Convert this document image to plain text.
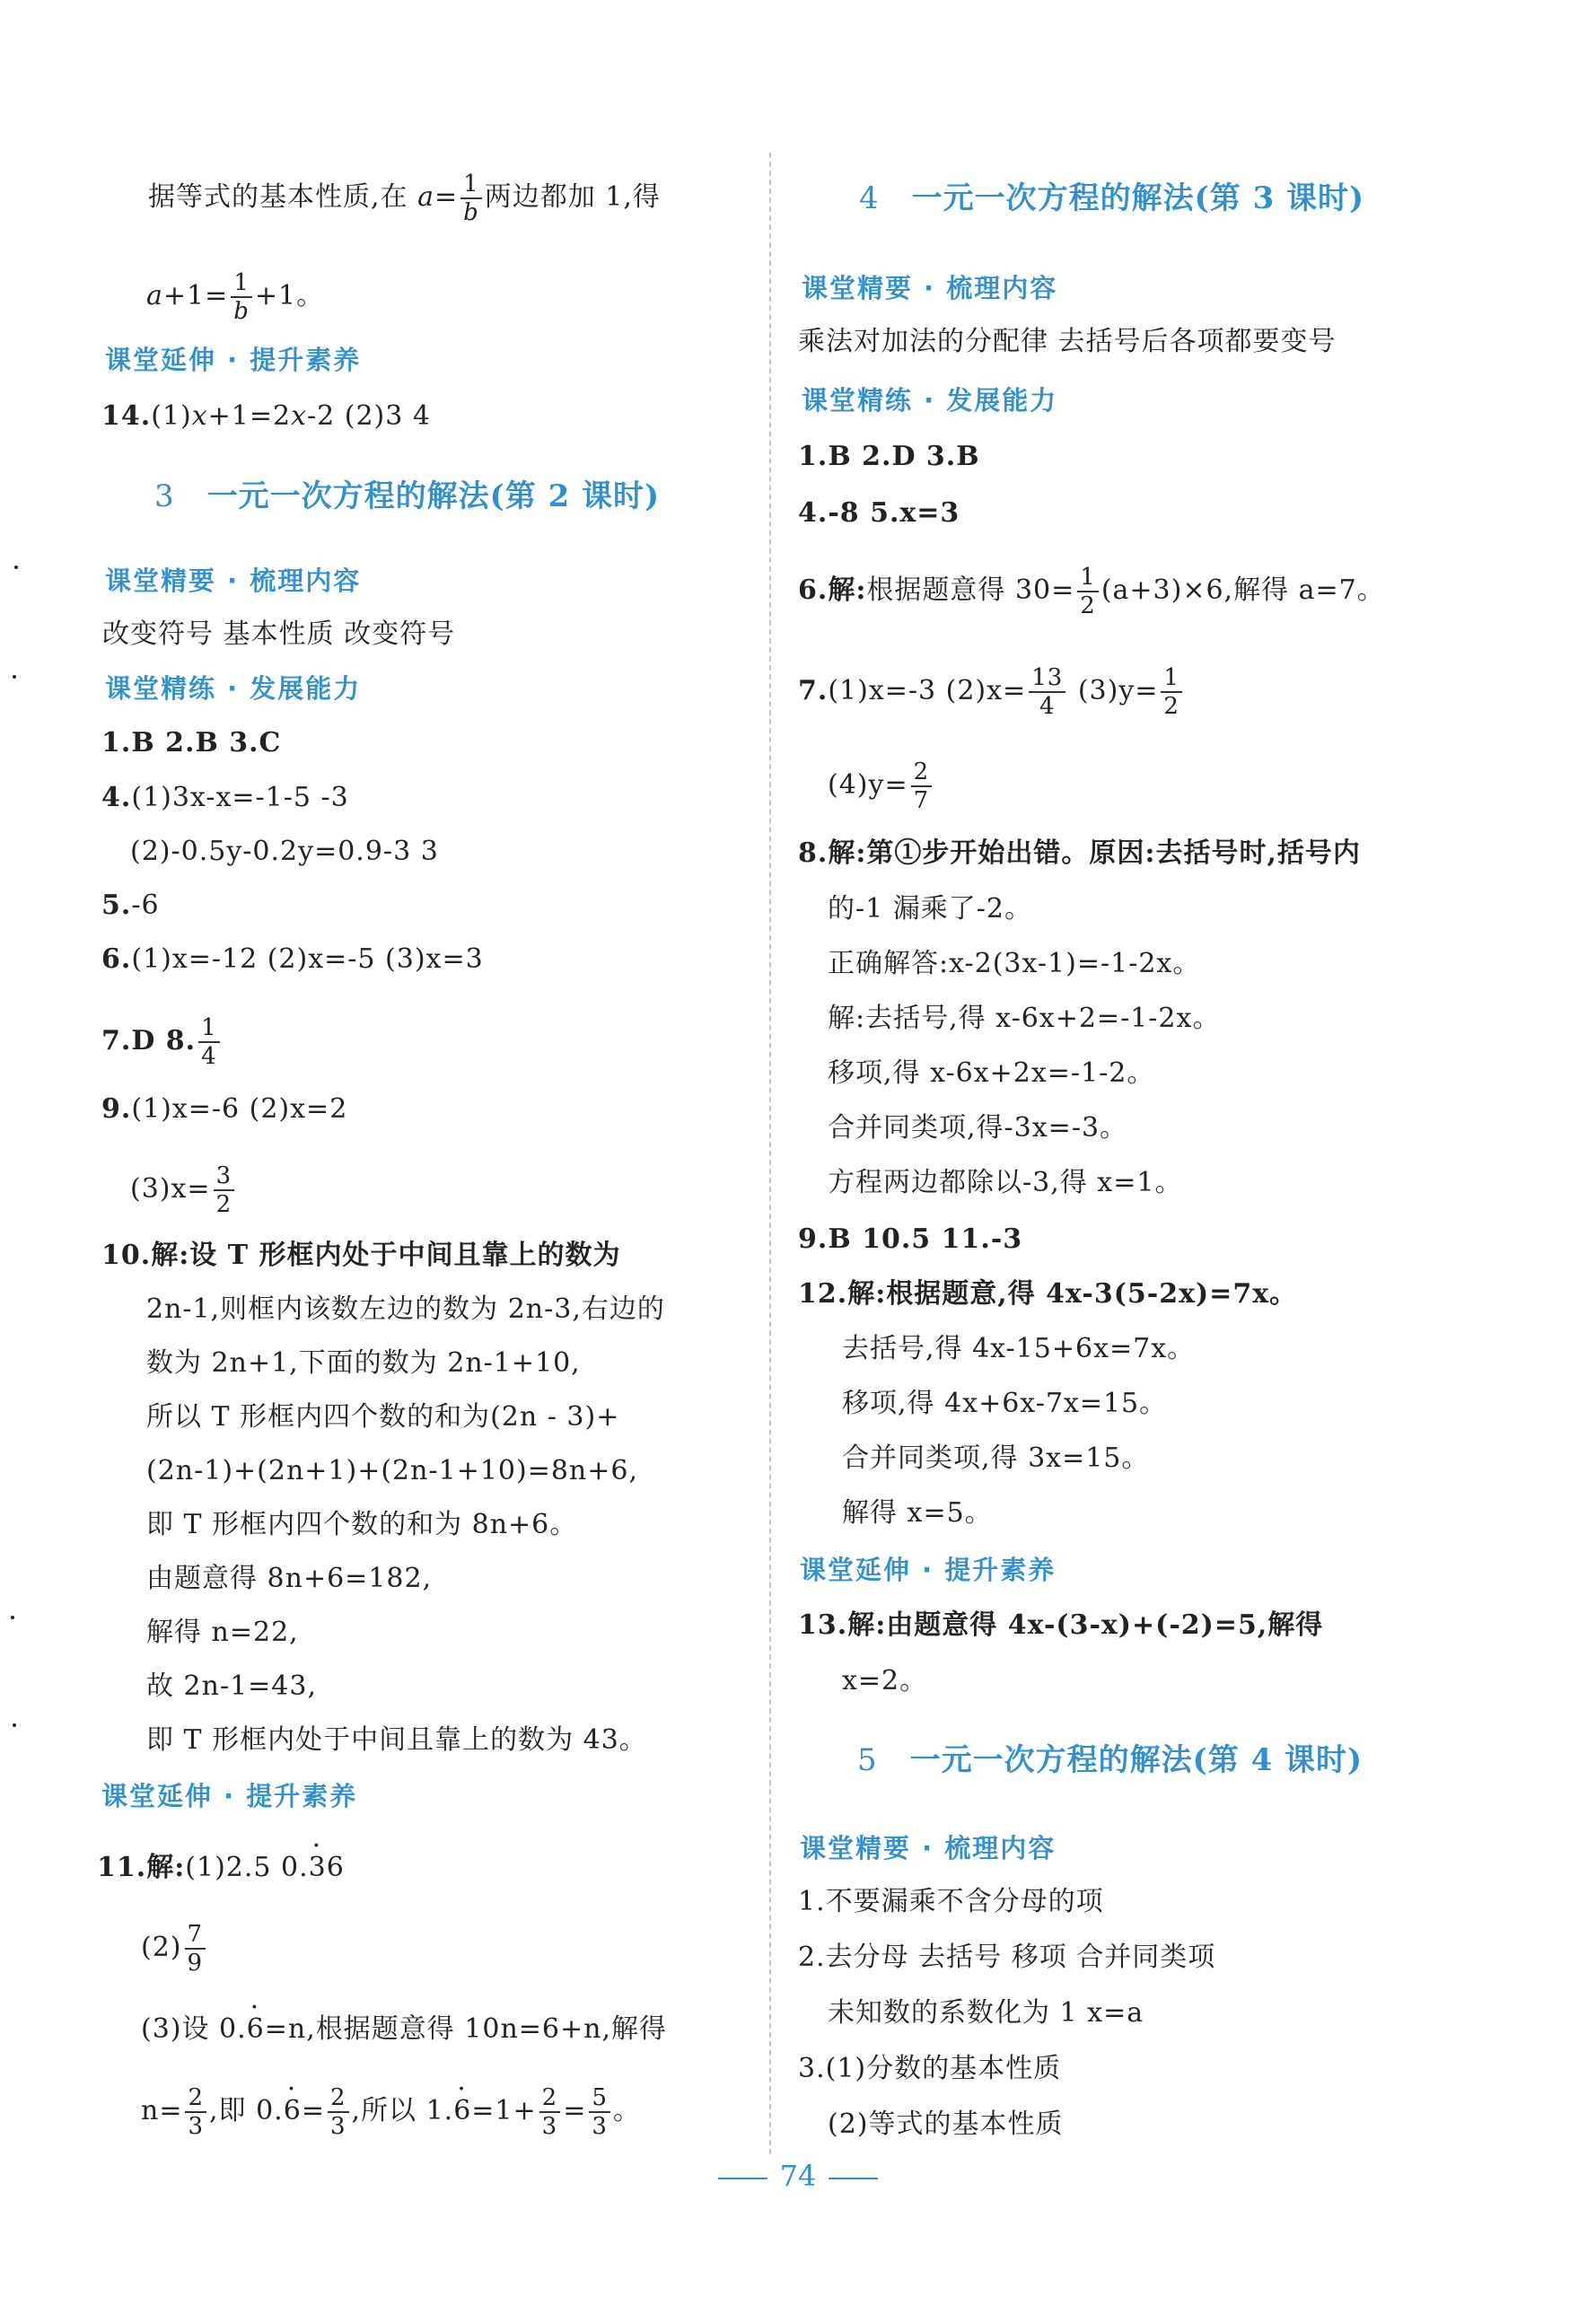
据等式的基本性质,在 $a= \frac{1}{b}$ 两边都加 1,得
$a+1= \frac{1}{b} +1$。
课堂延伸 · 提升素养
14.(1)x+1=2x-2 (2)3 4
3 一元一次方程的解法(第 2 课时)
课堂精要 · 梳理内容
改变符号 基本性质 改变符号
课堂精练 · 发展能力
1.B 2.B 3.C
4.(1)3x-x=-1-5 -3
(2)-0.5y-0.2y=0.9-3 3
5.-6
6.(1)x=-12 (2)x=-5 (3)x=3
7.D 8. $\frac{1}{4}$
9.(1)x=-6 (2)x=2
$(3)x= \frac{3}{2}$
10.解:设 T 形框内处于中间且靠上的数为
2n-1,则框内该数左边的数为 2n-3,右边的
数为 2n+1,下面的数为 2n-1+10,
所以 T 形框内四个数的和为(2n - 3)+
(2n-1)+(2n+1)+(2n-1+10)=8n+6,
即 T 形框内四个数的和为 8n+6。
由题意得 8n+6=182,
解得 n=22,
故 2n-1=43,
即 T 形框内处于中间且靠上的数为 43。
课堂延伸 · 提升素养
11.解:(1)2.5 0.· 36
$(2) \frac{7}{9}$
(3)设 0.· 6=n,根据题意得 10n=6+n,解得
$n= \frac{2}{3}$ ,即 $0.\cdot 6= \frac{2}{3}$ ,所以 $1.\cdot 6=1+ \frac{2}{3} = \frac{5}{3}$ 。
4 一元一次方程的解法(第 3 课时)
课堂精要 · 梳理内容
乘法对加法的分配律 去括号后各项都要变号
课堂精练 · 发展能力
1.B 2.D 3.B
4.-8 5.x=3
6.解:根据题意得 $30= \frac{1}{2} (a+3)\times 6$,解得 a=7。
7.(1)x=-3 $(2)x= \frac{13}{4} (3)y= \frac{1}{2}$
$(4)y= \frac{2}{7}$
8.解:第①步开始出错。原因:去括号时,括号内
的-1 漏乘了-2。
正确解答:x-2(3x-1)=-1-2x。
解:去括号,得 x-6x+2=-1-2x。
移项,得 x-6x+2x=-1-2。
合并同类项,得-3x=-3。
方程两边都除以-3,得 x=1。
9.B 10.5 11.-3
12.解:根据题意,得 4x-3(5-2x)=7x。
去括号,得 4x-15+6x=7x。
移项,得 4x+6x-7x=15。
合并同类项,得 3x=15。
解得 x=5。
课堂延伸 · 提升素养
13.解:由题意得 4x-(3-x)+(-2)=5,解得
x=2。
5 一元一次方程的解法(第 4 课时)
课堂精要 · 梳理内容
1.不要漏乘不含分母的项
2.去分母 去括号 移项 合并同类项
未知数的系数化为 1 x=a
3.(1)分数的基本性质
(2)等式的基本性质
74
